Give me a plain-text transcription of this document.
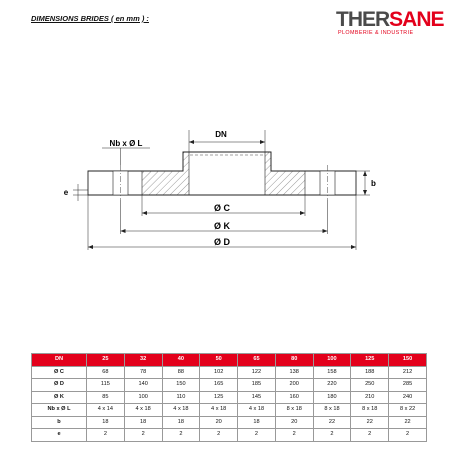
DIMENSIONS BRIDES ( en mm ) :	THERSANE
PLOMBERIE & INDUSTRIE
DN
Nb x Ø L
e
b
Ø C
Ø K
Ø D
DN	25	32	40	50	65	80	100	125	150
Ø C	68	78	88	102	122	138	158	188	212
Ø D	115	140	150	165	185	200	220	250	285
Ø K	85	100	110	125	145	160	180	210	240
Nb x Ø L	4 x 14	4 x 18	4 x 18	4 x 18	4 x 18	8 x 18	8 x 18	8 x 18	8 x 22
b	18	18	18	20	18	20	22	22	22
e	2	2	2	2	2	2	2	2	2
